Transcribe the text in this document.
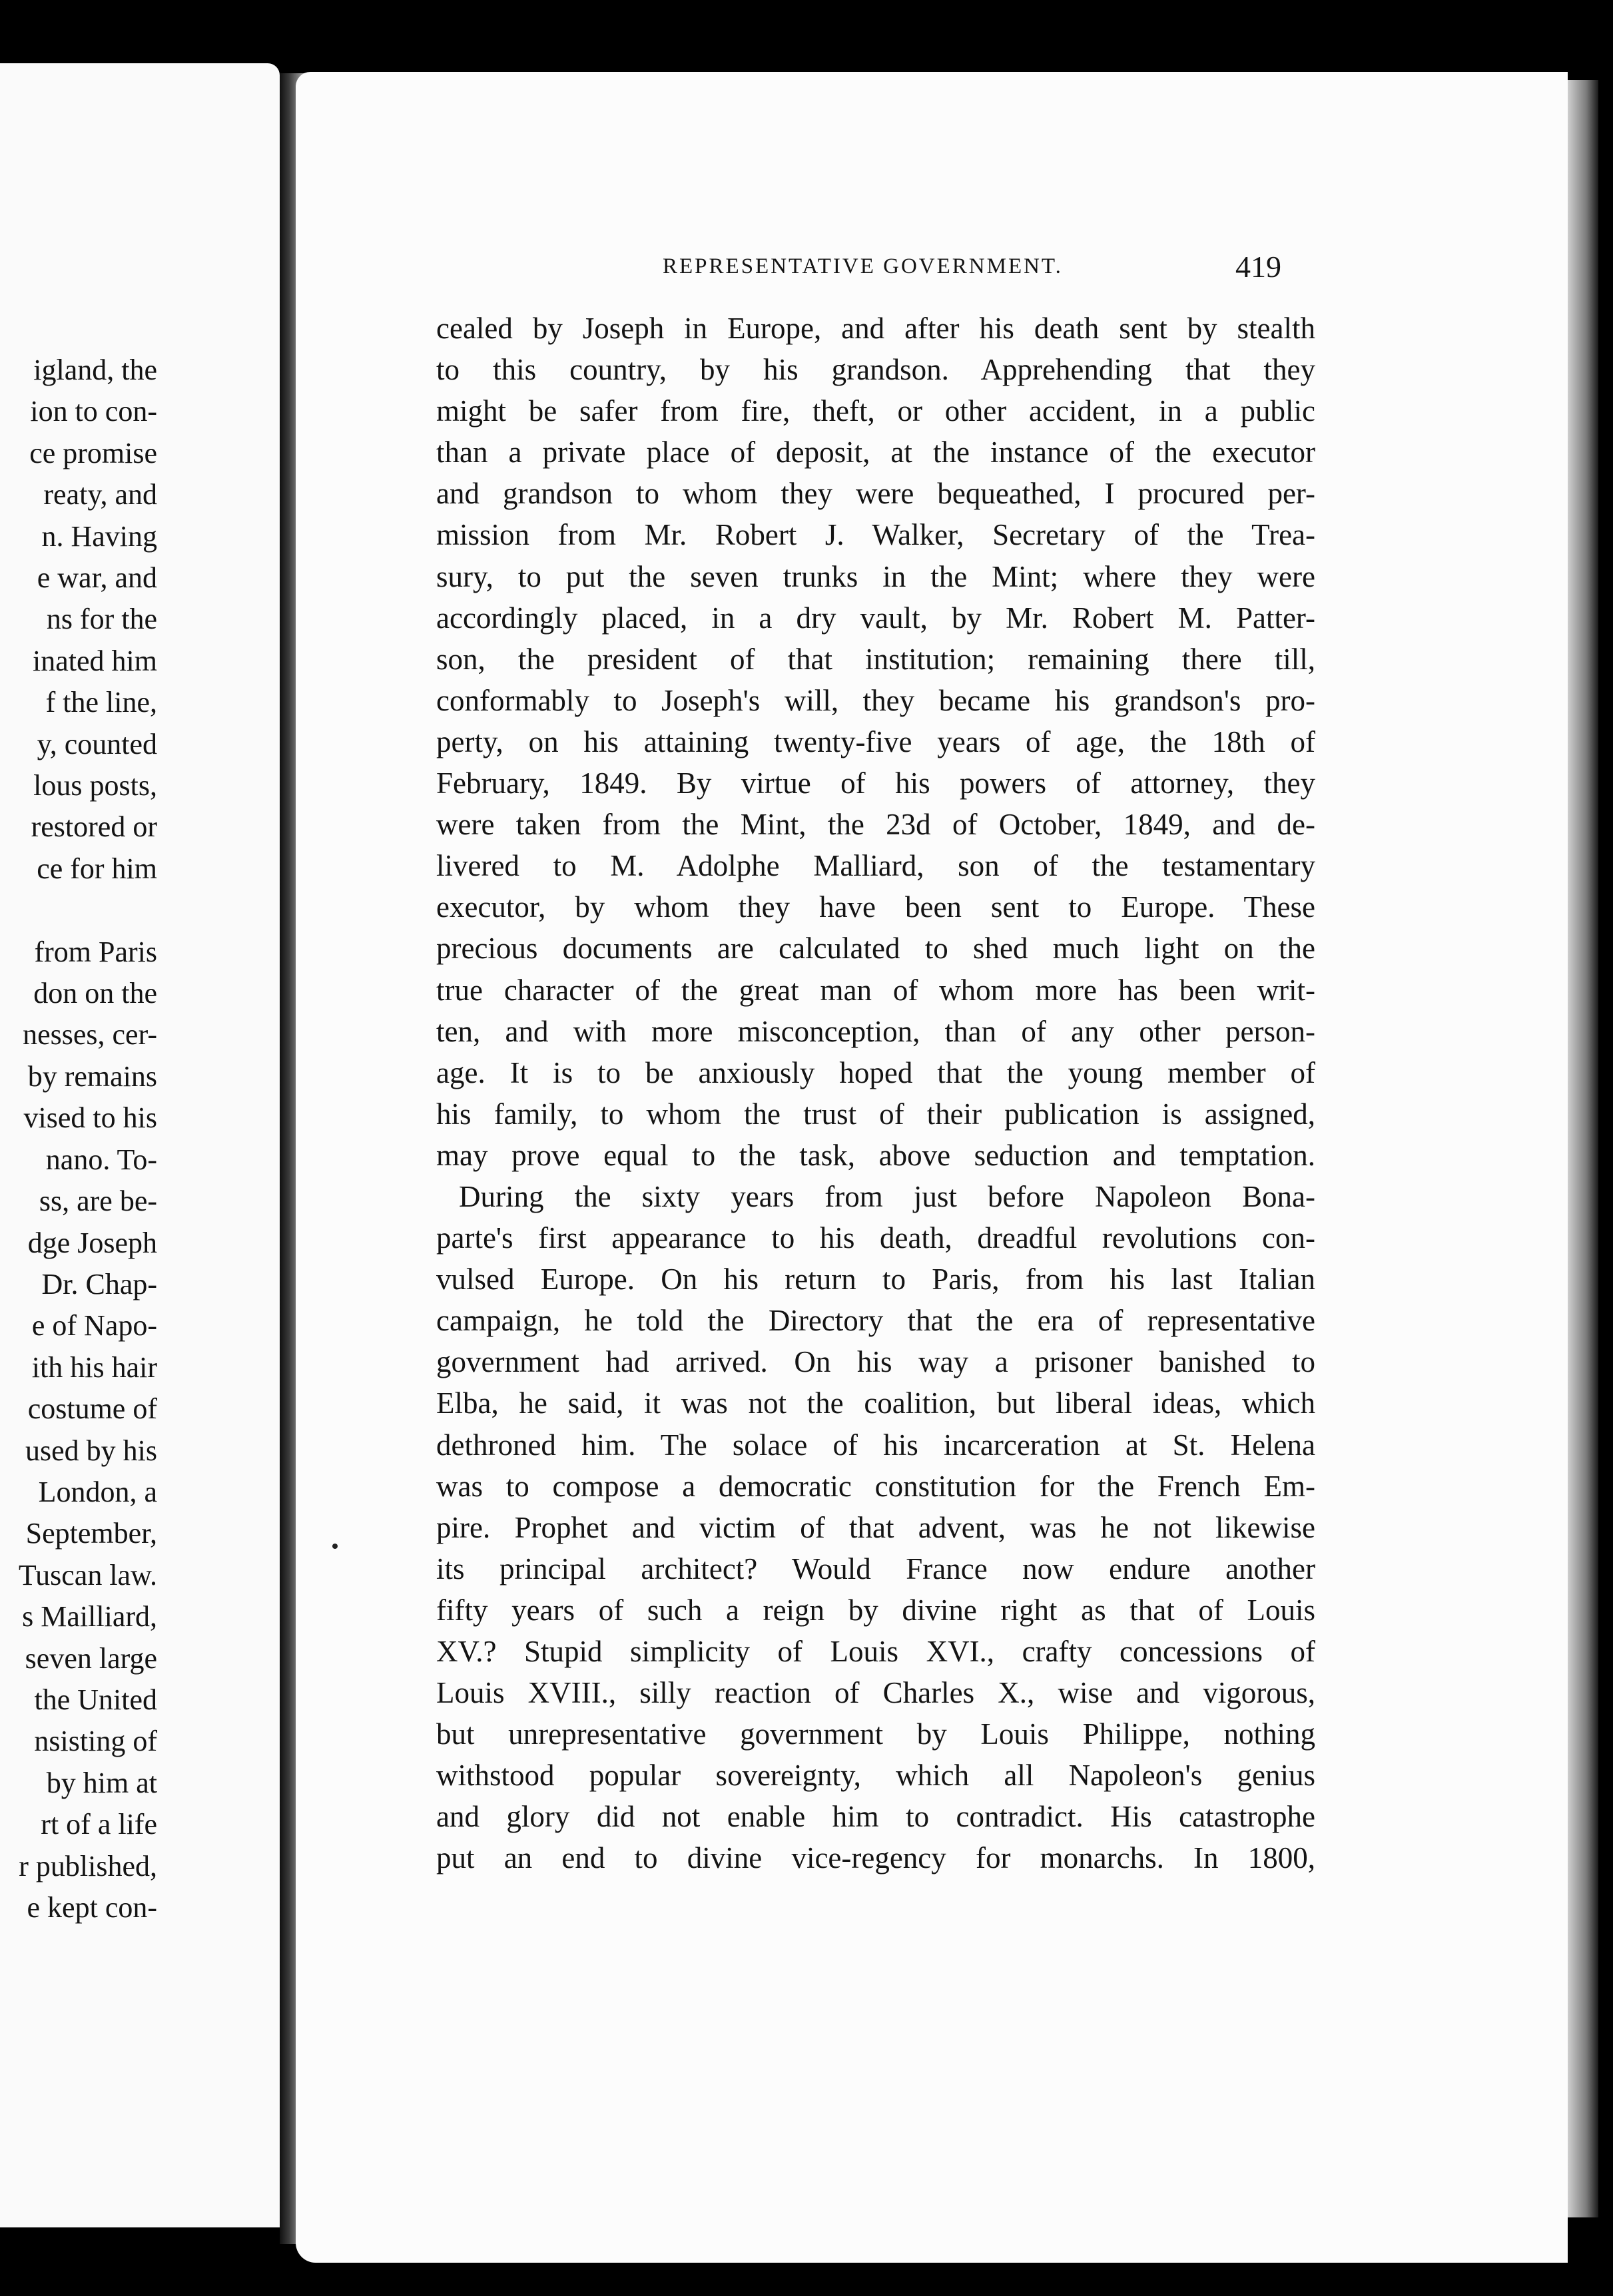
igland, the
ion to con-
ce promise
reaty, and
n. Having
e war, and
ns for the
inated him
f the line,
y, counted
lous posts,
restored or
ce for him
from Paris
don on the
nesses, cer-
by remains
vised to his
nano. To-
ss, are be-
dge Joseph
Dr. Chap-
e of Napo-
ith his hair
costume of
used by his
London, a
September,
Tuscan law.
s Mailliard,
seven large
the United
nsisting of
by him at
rt of a life
r published,
e kept con-
REPRESENTATIVE GOVERNMENT.	419

cealed by Joseph in Europe, and after his death sent by stealth
to this country, by his grandson. Apprehending that they
might be safer from fire, theft, or other accident, in a public
than a private place of deposit, at the instance of the executor
and grandson to whom they were bequeathed, I procured per-
mission from Mr. Robert J. Walker, Secretary of the Trea-
sury, to put the seven trunks in the Mint; where they were
accordingly placed, in a dry vault, by Mr. Robert M. Patter-
son, the president of that institution; remaining there till,
conformably to Joseph's will, they became his grandson's pro-
perty, on his attaining twenty-five years of age, the 18th of
February, 1849. By virtue of his powers of attorney, they
were taken from the Mint, the 23d of October, 1849, and de-
livered to M. Adolphe Malliard, son of the testamentary
executor, by whom they have been sent to Europe. These
precious documents are calculated to shed much light on the
true character of the great man of whom more has been writ-
ten, and with more misconception, than of any other person-
age. It is to be anxiously hoped that the young member of
his family, to whom the trust of their publication is assigned,
may prove equal to the task, above seduction and temptation.

During the sixty years from just before Napoleon Bona-
parte's first appearance to his death, dreadful revolutions con-
vulsed Europe. On his return to Paris, from his last Italian
campaign, he told the Directory that the era of representative
government had arrived. On his way a prisoner banished to
Elba, he said, it was not the coalition, but liberal ideas, which
dethroned him. The solace of his incarceration at St. Helena
was to compose a democratic constitution for the French Em-
pire. Prophet and victim of that advent, was he not likewise
its principal architect? Would France now endure another
fifty years of such a reign by divine right as that of Louis
XV.? Stupid simplicity of Louis XVI., crafty concessions of
Louis XVIII., silly reaction of Charles X., wise and vigorous,
but unrepresentative government by Louis Philippe, nothing
withstood popular sovereignty, which all Napoleon's genius
and glory did not enable him to contradict. His catastrophe
put an end to divine vice-regency for monarchs. In 1800,
